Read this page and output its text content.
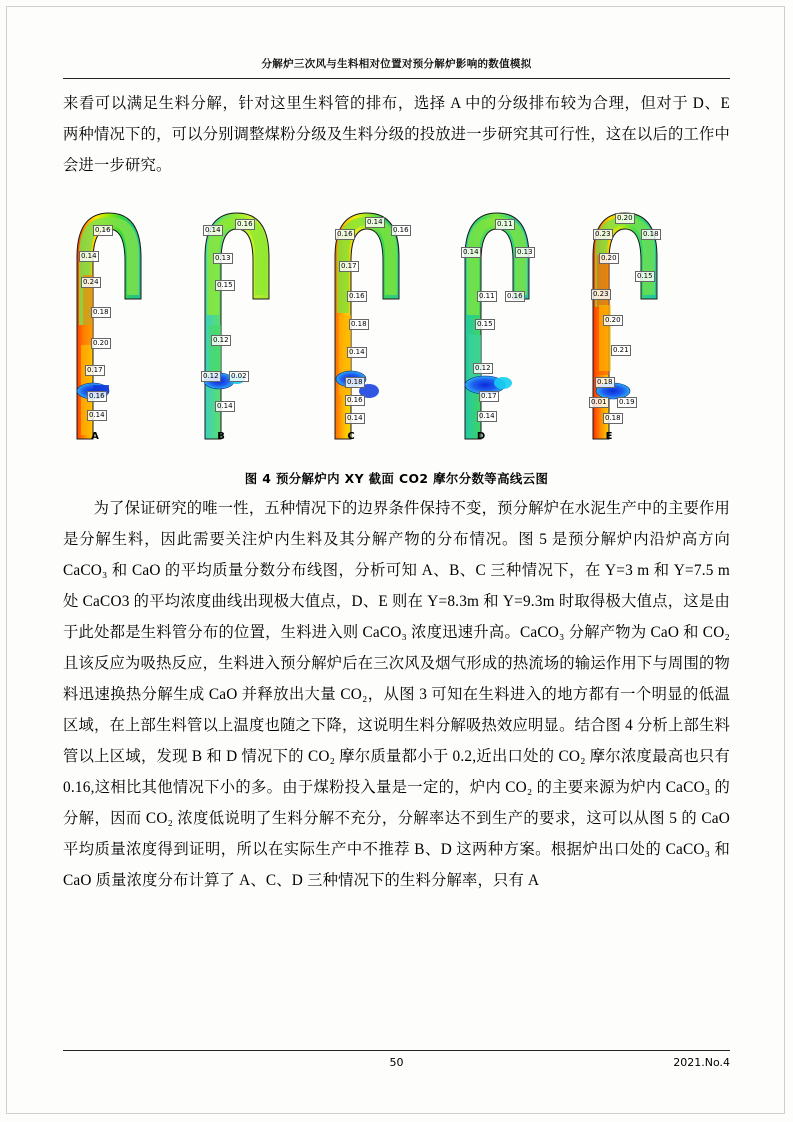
分解炉三次风与生料相对位置对预分解炉影响的数值模拟

来看可以满足生料分解，针对这里生料管的排布，选择 A 中的分级排布较为合理，但对于 D、E 两种情况下的，可以分别调整煤粉分级及生料分级的投放进一步研究其可行性，这在以后的工作中会进一步研究。

0.16
0.14
0.24
0.18
0.20
0.17
0.16
0.14
A
0.14
0.16
0.13
0.15
0.12
0.12 0.02
0.14
B
0.16
0.14
0.16
0.17
0.16
0.18
0.14
0.18
0.16
0.14
C
0.11
0.14	0.13
0.11 0.16
0.15
0.12
0.17
0.14
D
0.20
0.23	0.18
0.20
0.15
0.23
0.20
0.21
0.18
0.01 0.19
0.18
E
图 4 预分解炉内 XY 截面 CO2 摩尔分数等高线云图

为了保证研究的唯一性，五种情况下的边界条件保持不变，预分解炉在水泥生产中的主要作用是分解生料，因此需要关注炉内生料及其分解产物的分布情况。图 5 是预分解炉内沿炉高方向 CaCO₃ 和 CaO 的平均质量分数分布线图，分析可知 A、B、C 三种情况下，在 Y=3 m 和 Y=7.5 m 处 CaCO3 的平均浓度曲线出现极大值点，D、E 则在 Y=8.3m 和 Y=9.3m 时取得极大值点，这是由于此处都是生料管分布的位置，生料进入则 CaCO₃ 浓度迅速升高。CaCO₃ 分解产物为 CaO 和 CO₂ 且该反应为吸热反应，生料进入预分解炉后在三次风及烟气形成的热流场的输运作用下与周围的物料迅速换热分解生成 CaO 并释放出大量 CO₂，从图 3 可知在生料进入的地方都有一个明显的低温区域，在上部生料管以上温度也随之下降，这说明生料分解吸热效应明显。结合图 4 分析上部生料管以上区域，发现 B 和 D 情况下的 CO₂ 摩尔质量都小于 0.2,近出口处的 CO₂ 摩尔浓度最高也只有 0.16,这相比其他情况下小的多。由于煤粉投入量是一定的，炉内 CO₂ 的主要来源为炉内 CaCO₃ 的分解，因而 CO₂ 浓度低说明了生料分解不充分，分解率达不到生产的要求，这可以从图 5 的 CaO 平均质量浓度得到证明，所以在实际生产中不推荐 B、D 这两种方案。根据炉出口处的 CaCO₃ 和 CaO 质量浓度分布计算了 A、C、D 三种情况下的生料分解率，只有 A

50	2021.No.4
